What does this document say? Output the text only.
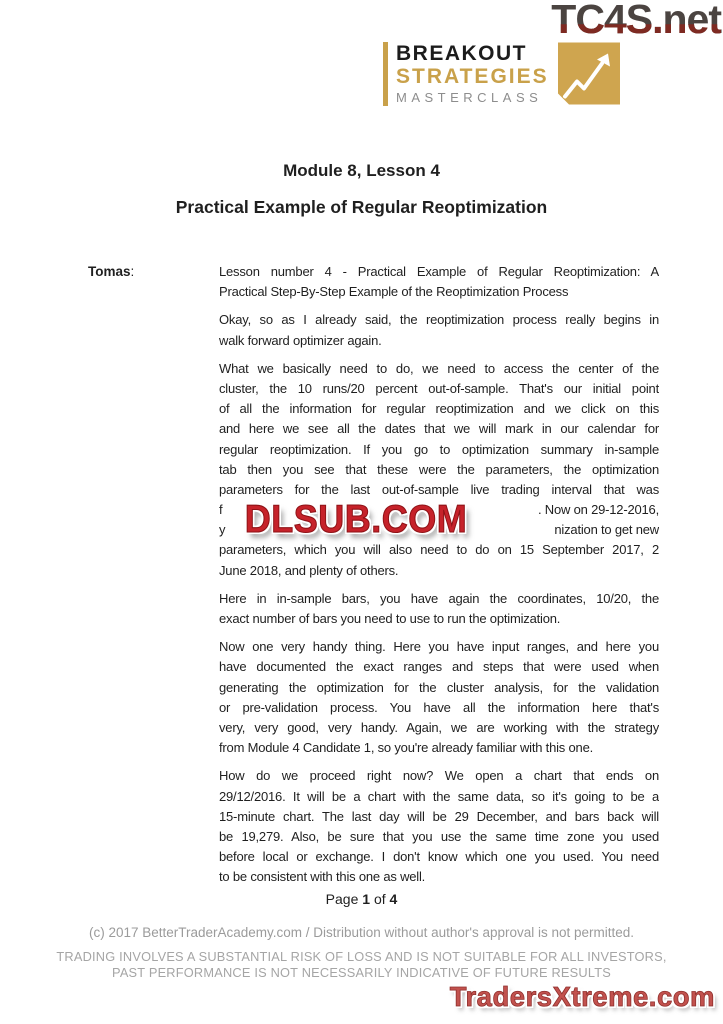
TC4S.net TC4S.net
BREAKOUT
STRATEGIES
MASTERCLASS
Module 8, Lesson 4
Practical Example of Regular Reoptimization
Tomas:	Lesson number 4 - Practical Example of Regular Reoptimization: A
Practical Step-By-Step Example of the Reoptimization Process
Okay, so as I already said, the reoptimization process really begins in
walk forward optimizer again.
What we basically need to do, we need to access the center of the
cluster, the 10 runs/20 percent out-of-sample. That's our initial point
of all the information for regular reoptimization and we click on this
and here we see all the dates that we will mark in our calendar for
regular reoptimization. If you go to optimization summary in-sample
tab then you see that these were the parameters, the optimization
parameters for the last out-of-sample live trading interval that was
f	. Now on 29-12-2016,
y	nization to get new
parameters, which you will also need to do on 15 September 2017, 2
June 2018, and plenty of others.
DLSUB.COM
Here in in-sample bars, you have again the coordinates, 10/20, the
exact number of bars you need to use to run the optimization.
Now one very handy thing. Here you have input ranges, and here you
have documented the exact ranges and steps that were used when
generating the optimization for the cluster analysis, for the validation
or pre-validation process. You have all the information here that's
very, very good, very handy. Again, we are working with the strategy
from Module 4 Candidate 1, so you're already familiar with this one.
How do we proceed right now? We open a chart that ends on
29/12/2016. It will be a chart with the same data, so it's going to be a
15-minute chart. The last day will be 29 December, and bars back will
be 19,279. Also, be sure that you use the same time zone you used
before local or exchange. I don't know which one you used. You need
to be consistent with this one as well.
Page 1 of 4
(c) 2017 BetterTraderAcademy.com / Distribution without author's approval is not permitted.
TRADING INVOLVES A SUBSTANTIAL RISK OF LOSS AND IS NOT SUITABLE FOR ALL INVESTORS,
PAST PERFORMANCE IS NOT NECESSARILY INDICATIVE OF FUTURE RESULTS
TradersXtreme.com
